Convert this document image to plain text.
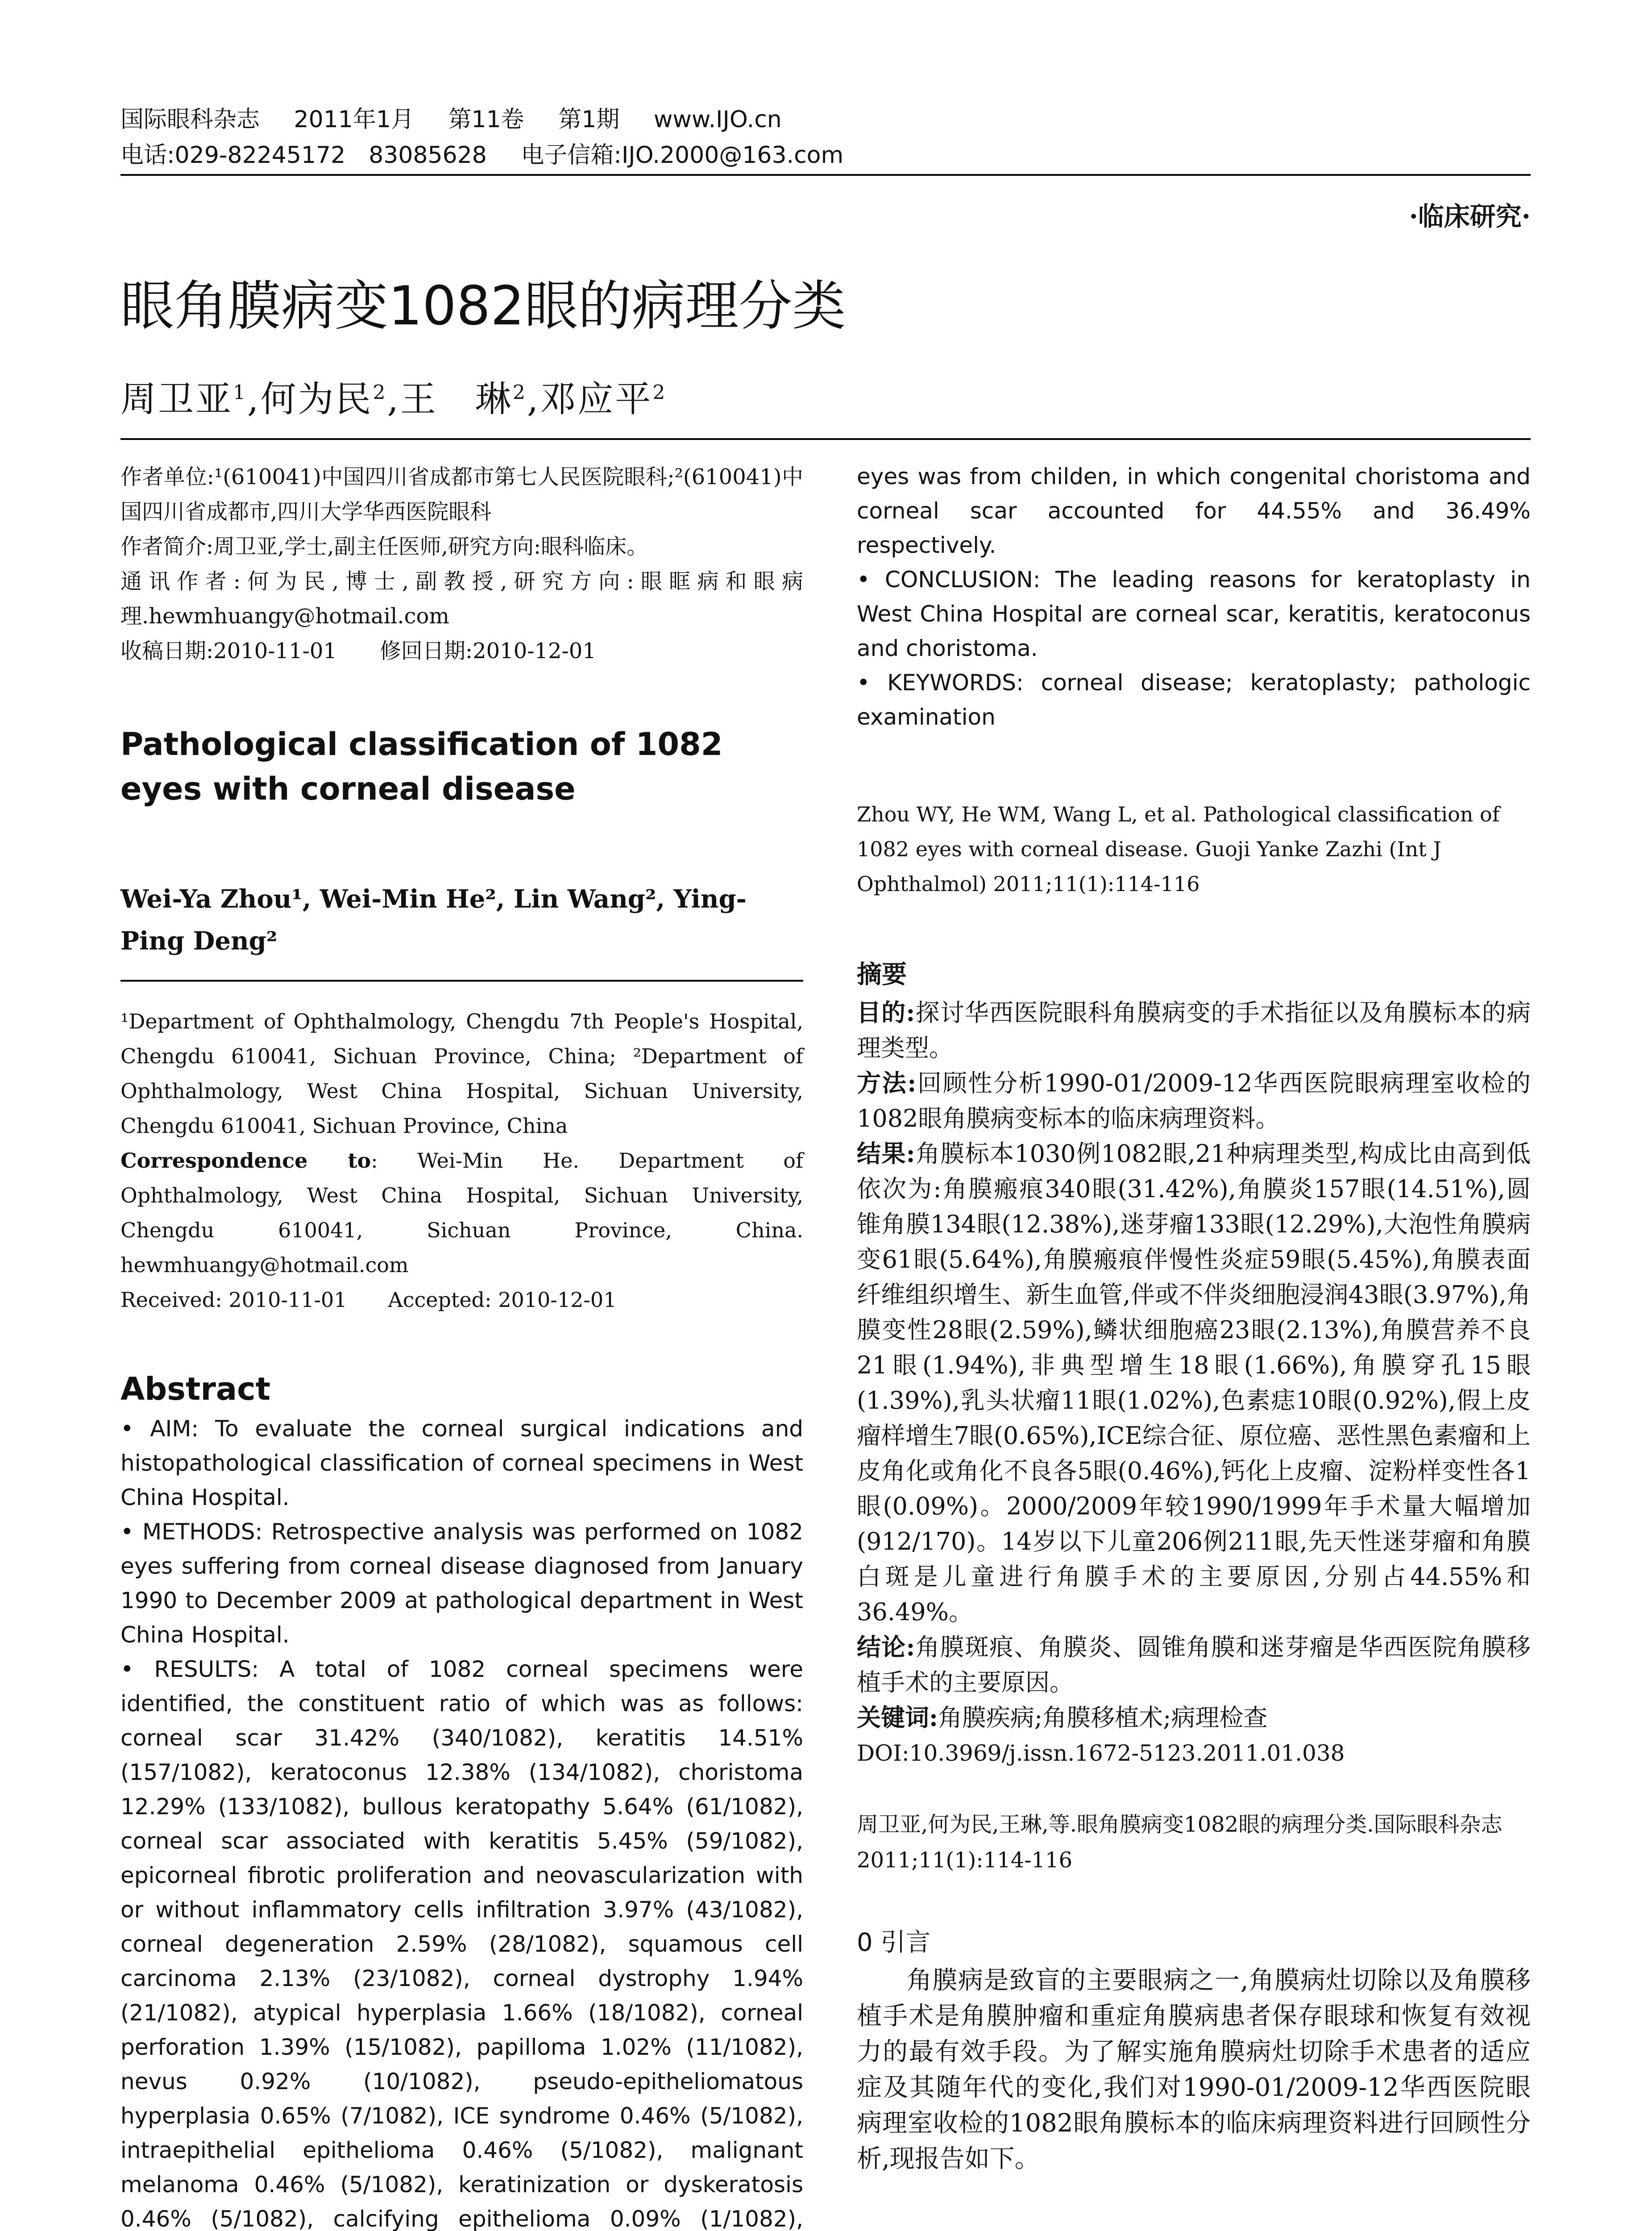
国际眼科杂志 2011年1月 第11卷 第1期 www.IJO.cn
电话:029-82245172　83085628 电子信箱:IJO.2000@163.com
·临床研究·
眼角膜病变1082眼的病理分类
周卫亚$^1$,何为民$^2$,王　琳$^2$,邓应平$^2$

作者单位:¹(610041)中国四川省成都市第七人民医院眼科;²(610041)中国四川省成都市,四川大学华西医院眼科

作者简介:周卫亚,学士,副主任医师,研究方向:眼科临床。

通讯作者:何为民,博士,副教授,研究方向:眼眶病和眼病理.hewmhuangy@hotmail.com

收稿日期:2010-11-01　　修回日期:2010-12-01

Pathological classification of 1082 eyes with corneal disease
Wei-Ya Zhou¹, Wei-Min He², Lin Wang², Ying-Ping Deng²

¹Department of Ophthalmology, Chengdu 7th People's Hospital, Chengdu 610041, Sichuan Province, China; ²Department of Ophthalmology, West China Hospital, Sichuan University, Chengdu 610041, Sichuan Province, China

Correspondence to: Wei-Min He. Department of Ophthalmology, West China Hospital, Sichuan University, Chengdu 610041, Sichuan Province, China. hewmhuangy@hotmail.com

Received: 2010-11-01　　Accepted: 2010-12-01

Abstract

• AIM: To evaluate the corneal surgical indications and histopathological classification of corneal specimens in West China Hospital.

• METHODS: Retrospective analysis was performed on 1082 eyes suffering from corneal disease diagnosed from January 1990 to December 2009 at pathological department in West China Hospital.

• RESULTS: A total of 1082 corneal specimens were identified, the constituent ratio of which was as follows: corneal scar 31.42% (340/1082), keratitis 14.51% (157/1082), keratoconus 12.38% (134/1082), choristoma 12.29% (133/1082), bullous keratopathy 5.64% (61/1082), corneal scar associated with keratitis 5.45% (59/1082), epicorneal fibrotic proliferation and neovascularization with or without inflammatory cells infiltration 3.97% (43/1082), corneal degeneration 2.59% (28/1082), squamous cell carcinoma 2.13% (23/1082), corneal dystrophy 1.94% (21/1082), atypical hyperplasia 1.66% (18/1082), corneal perforation 1.39% (15/1082), papilloma 1.02% (11/1082), nevus 0.92% (10/1082), pseudo-epitheliomatous hyperplasia 0.65% (7/1082), ICE syndrome 0.46% (5/1082), intraepithelial epithelioma 0.46% (5/1082), malignant melanoma 0.46% (5/1082), keratinization or dyskeratosis 0.46% (5/1082), calcifying epithelioma 0.09% (1/1082),

eyes was from childen, in which congenital choristoma and corneal scar accounted for 44.55% and 36.49% respectively.

• CONCLUSION: The leading reasons for keratoplasty in West China Hospital are corneal scar, keratitis, keratoconus and choristoma.

• KEYWORDS: corneal disease; keratoplasty; pathologic examination

Zhou WY, He WM, Wang L, et al. Pathological classification of 1082 eyes with corneal disease. Guoji Yanke Zazhi (Int J Ophthalmol) 2011;11(1):114-116

摘要

目的:探讨华西医院眼科角膜病变的手术指征以及角膜标本的病理类型。

方法:回顾性分析1990-01/2009-12华西医院眼病理室收检的1082眼角膜病变标本的临床病理资料。

结果:角膜标本1030例1082眼,21种病理类型,构成比由高到低依次为:角膜瘢痕340眼(31.42%),角膜炎157眼(14.51%),圆锥角膜134眼(12.38%),迷芽瘤133眼(12.29%),大泡性角膜病变61眼(5.64%),角膜瘢痕伴慢性炎症59眼(5.45%),角膜表面纤维组织增生、新生血管,伴或不伴炎细胞浸润43眼(3.97%),角膜变性28眼(2.59%),鳞状细胞癌23眼(2.13%),角膜营养不良21眼(1.94%),非典型增生18眼(1.66%),角膜穿孔15眼(1.39%),乳头状瘤11眼(1.02%),色素痣10眼(0.92%),假上皮瘤样增生7眼(0.65%),ICE综合征、原位癌、恶性黑色素瘤和上皮角化或角化不良各5眼(0.46%),钙化上皮瘤、淀粉样变性各1眼(0.09%)。2000/2009年较1990/1999年手术量大幅增加(912/170)。14岁以下儿童206例211眼,先天性迷芽瘤和角膜白斑是儿童进行角膜手术的主要原因,分别占44.55%和36.49%。

结论:角膜斑痕、角膜炎、圆锥角膜和迷芽瘤是华西医院角膜移植手术的主要原因。

关键词:角膜疾病;角膜移植术;病理检查

DOI:10.3969/j.issn.1672-5123.2011.01.038

周卫亚,何为民,王琳,等.眼角膜病变1082眼的病理分类.国际眼科杂志2011;11(1):114-116

0 引言

角膜病是致盲的主要眼病之一,角膜病灶切除以及角膜移植手术是角膜肿瘤和重症角膜病患者保存眼球和恢复有效视力的最有效手段。为了解实施角膜病灶切除手术患者的适应症及其随年代的变化,我们对1990-01/2009-12华西医院眼病理室收检的1082眼角膜标本的临床病理资料进行回顾性分析,现报告如下。
